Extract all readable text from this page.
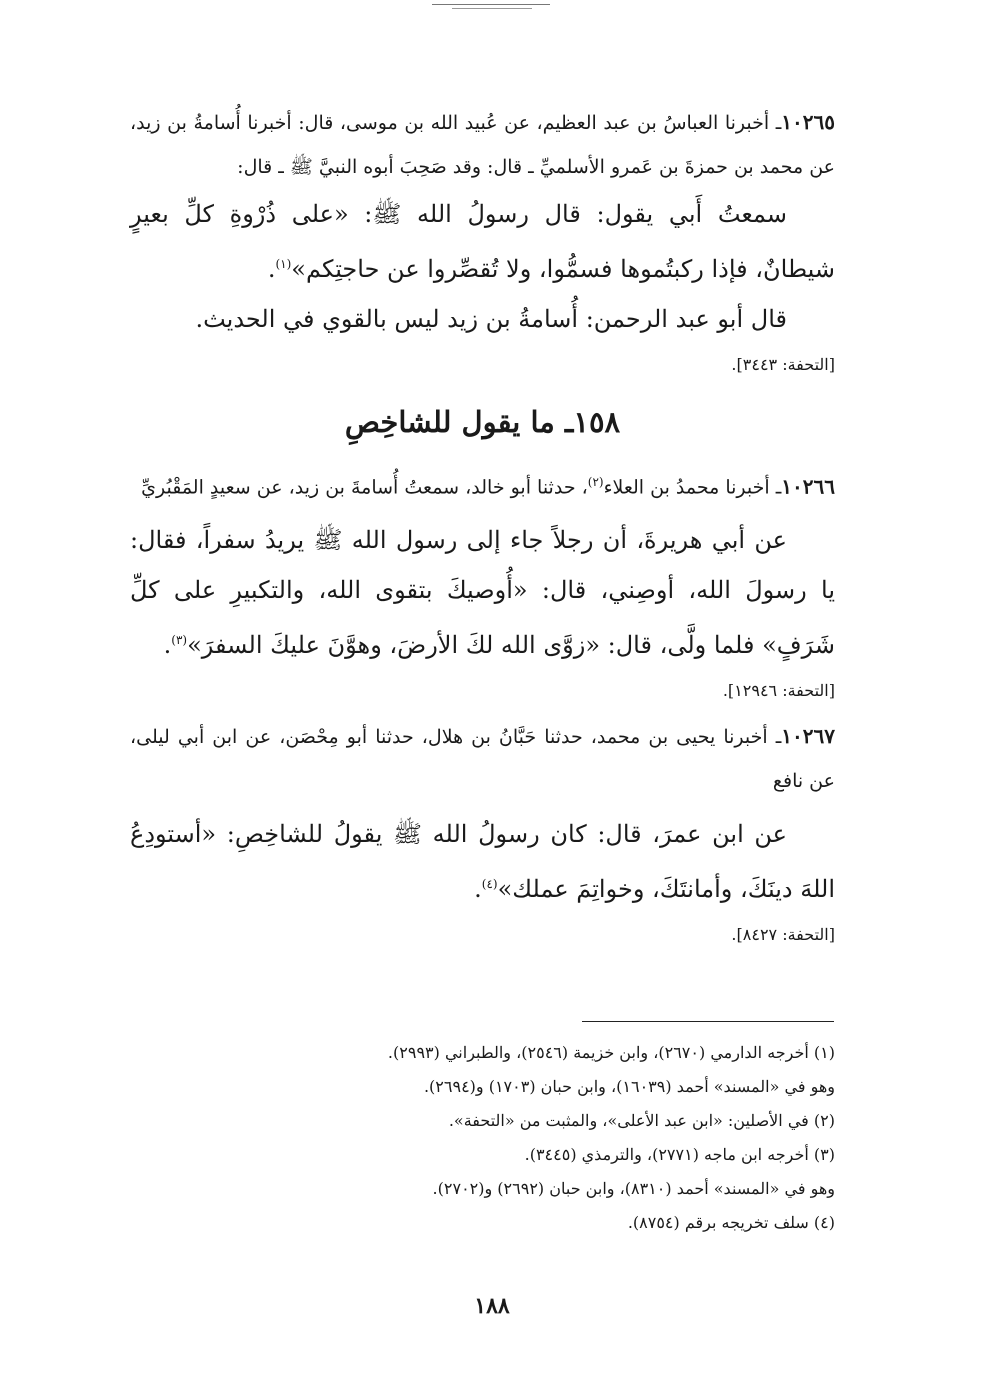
١٠٢٦٥ـ أخبرنا العباسُ بن عبد العظيم، عن عُبيد الله بن موسى، قال: أخبرنا أُسامةُ بن زيد، عن محمد بن حمزةَ بن عَمرو الأسلميِّ ـ قال: وقد صَحِبَ أبوه النبيَّ ﷺ ـ قال:

سمعتُ أَبي يقول: قال رسولُ الله ﷺ: «على ذُرْوةِ كلِّ بعيرٍ شيطانٌ، فإذا ركبتُموها فسمُّوا، ولا تُقصِّروا عن حاجتِكم»$^{(١)}$.

قال أبو عبد الرحمن: أُسامةُ بن زيد ليس بالقوي في الحديث.

[التحفة: ٣٤٤٣].

١٥٨ـ ما يقول للشاخِصِ

١٠٢٦٦ـ أخبرنا محمدُ بن العلاء$^{(٢)}$، حدثنا أبو خالد، سمعتُ أُسامةَ بن زيد، عن سعيدٍ المَقْبُريِّ

عن أبي هريرةَ، أن رجلاً جاء إلى رسول الله ﷺ يريدُ سفراً، فقال: يا رسولَ الله، أوصِني، قال: «أُوصيكَ بتقوى الله، والتكبيرِ على كلِّ شَرَفٍ» فلما ولَّى، قال: «زوَّى الله لكَ الأرضَ، وهوَّنَ عليكَ السفرَ»$^{(٣)}$.

[التحفة: ١٢٩٤٦].

١٠٢٦٧ـ أخبرنا يحيى بن محمد، حدثنا حَبَّانُ بن هلال، حدثنا أبو مِحْصَن، عن ابن أبي ليلى، عن نافع

عن ابن عمرَ، قال: كان رسولُ الله ﷺ يقولُ للشاخِصِ: «أستودِعُ اللهَ دينَكَ، وأمانتَكَ، وخواتِمَ عملك»$^{(٤)}$.

[التحفة: ٨٤٢٧].

(١) أخرجه الدارمي (٢٦٧٠)، وابن خزيمة (٢٥٤٦)، والطبراني (٢٩٩٣).

وهو في «المسند» أحمد (١٦٠٣٩)، وابن حبان (١٧٠٣) و(٢٦٩٤).

(٢) في الأصلين: «ابن عبد الأعلى»، والمثبت من «التحفة».

(٣) أخرجه ابن ماجه (٢٧٧١)، والترمذي (٣٤٤٥).

وهو في «المسند» أحمد (٨٣١٠)، وابن حبان (٢٦٩٢) و(٢٧٠٢).

(٤) سلف تخريجه برقم (٨٧٥٤).

١٨٨
